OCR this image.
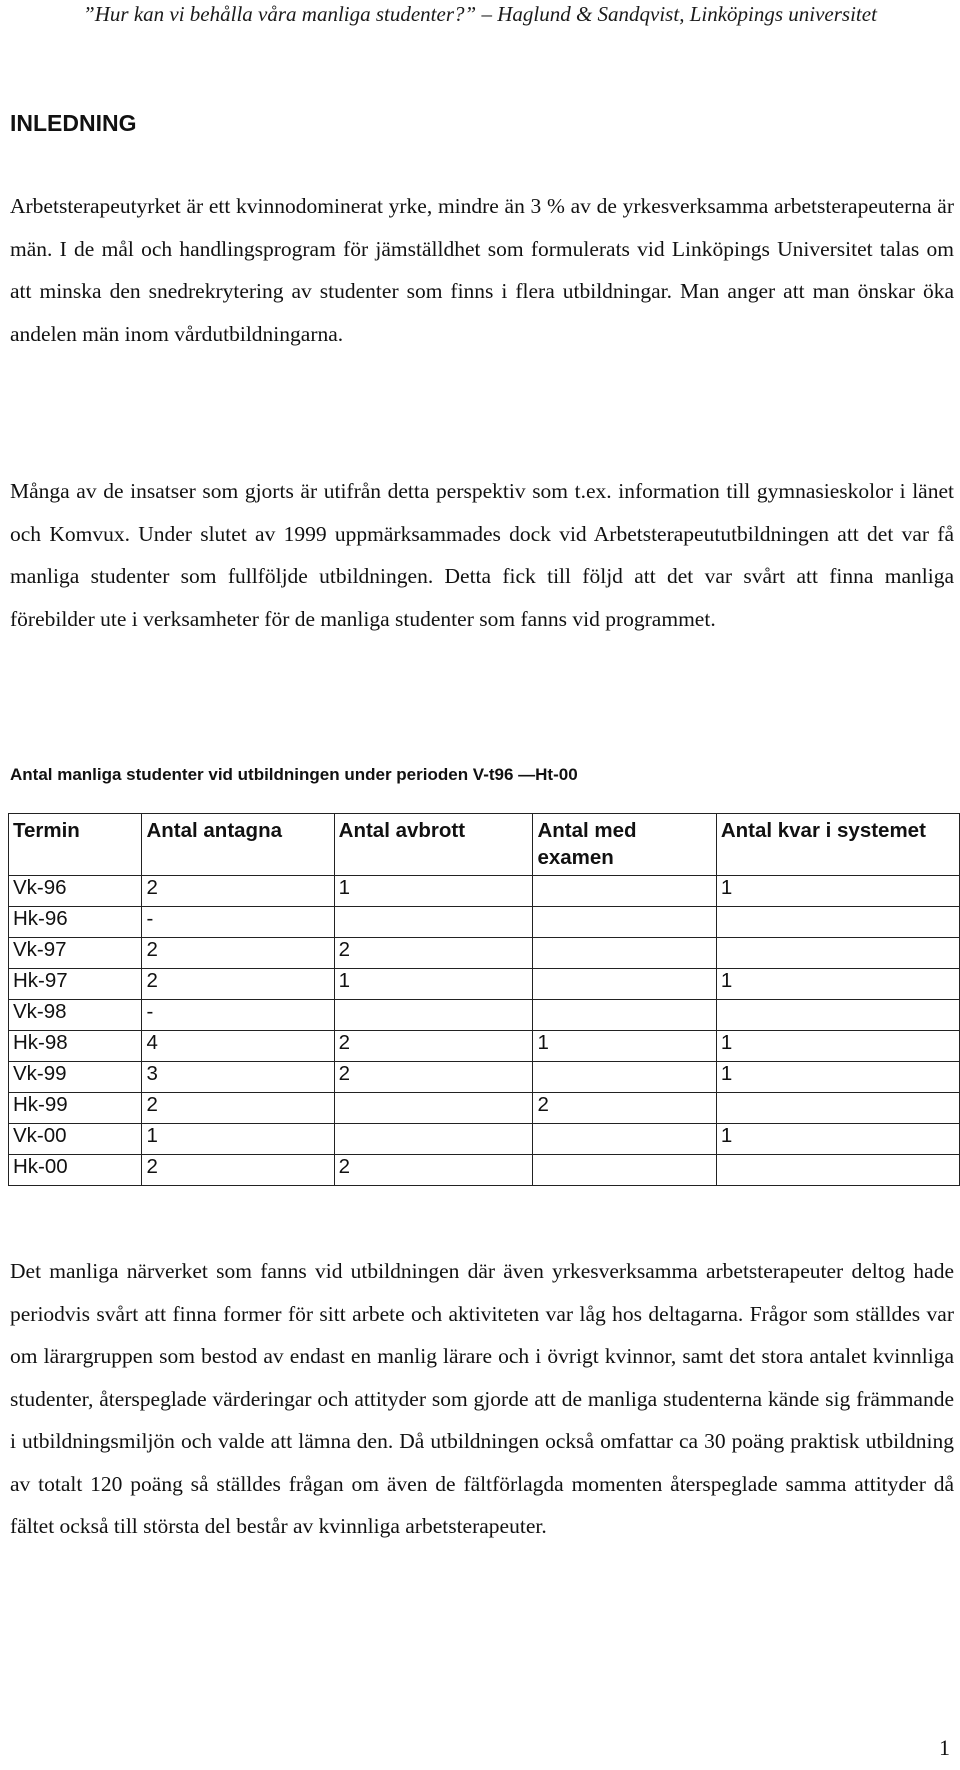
”Hur kan vi behålla våra manliga studenter?” – Haglund & Sandqvist, Linköpings universitet
INLEDNING
Arbetsterapeutyrket är ett kvinnodominerat yrke, mindre än 3 % av de yrkesverksamma arbetsterapeuterna är män. I de mål och handlingsprogram för jämställdhet som formulerats vid Linköpings Universitet talas om att minska den snedrekrytering av studenter som finns i flera utbildningar. Man anger att man önskar öka andelen män inom vårdutbildningarna.
Många av de insatser som gjorts är utifrån detta perspektiv som t.ex. information till gymnasieskolor i länet och Komvux. Under slutet av 1999 uppmärksammades dock vid Arbetsterapeututbildningen att det var få manliga studenter som fullföljde utbildningen. Detta fick till följd att det var svårt att finna manliga förebilder ute i verksamheter för de manliga studenter som fanns vid programmet.
Antal manliga studenter vid utbildningen under perioden V-t96 —Ht-00
Termin	Antal antagna	Antal avbrott	Antal med examen	Antal kvar i systemet
Vk-96	2	1		1
Hk-96	-			
Vk-97	2	2		
Hk-97	2	1		1
Vk-98	-			
Hk-98	4	2	1	1
Vk-99	3	2		1
Hk-99	2		2	
Vk-00	1			1
Hk-00	2	2		
Det manliga närverket som fanns vid utbildningen där även yrkesverksamma arbetsterapeuter deltog hade periodvis svårt att finna former för sitt arbete och aktiviteten var låg hos deltagarna. Frågor som ställdes var om lärargruppen som bestod av endast en manlig lärare och i övrigt kvinnor, samt det stora antalet kvinnliga studenter, återspeglade värderingar och attityder som gjorde att de manliga studenterna kände sig främmande i utbildningsmiljön och valde att lämna den. Då utbildningen också omfattar ca 30 poäng praktisk utbildning av totalt 120 poäng så ställdes frågan om även de fältförlagda momenten återspeglade samma attityder då fältet också till största del består av kvinnliga arbetsterapeuter.
1
